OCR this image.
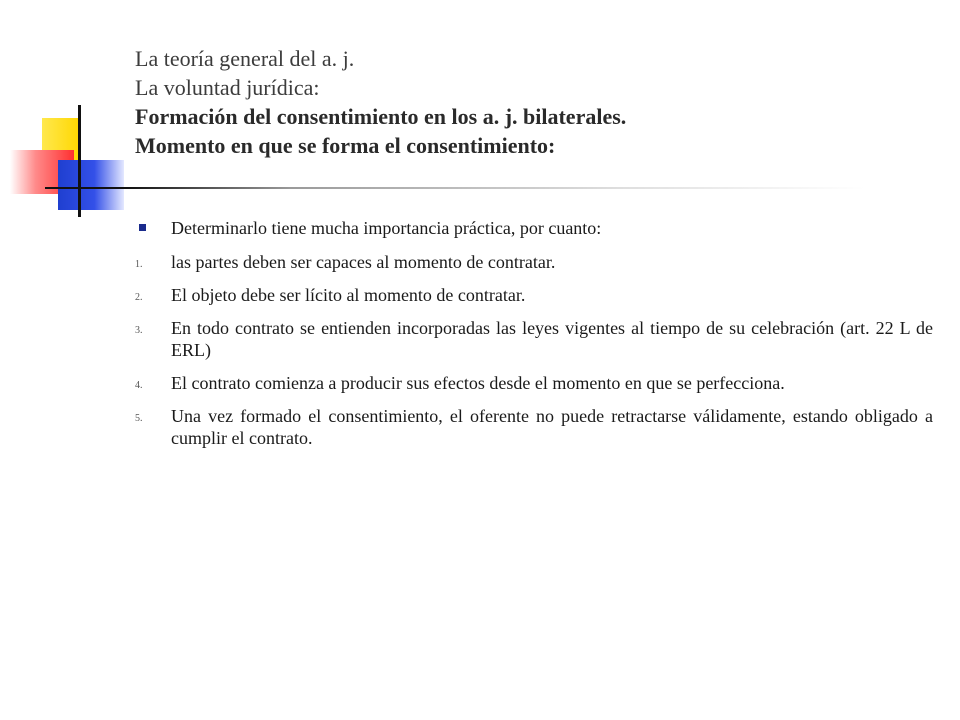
La teoría general del a. j.
La voluntad jurídica:
Formación del consentimiento en los a. j. bilaterales.
Momento en que se forma el consentimiento:
Determinarlo tiene mucha importancia práctica, por cuanto:
1. las partes deben ser capaces al momento de contratar.
2. El objeto debe ser lícito al momento de contratar.
3. En todo contrato se entienden incorporadas las leyes vigentes al tiempo de su celebración (art. 22 L de ERL)
4. El contrato comienza a producir sus efectos desde el momento en que se perfecciona.
5. Una vez formado el consentimiento, el oferente no puede retractarse válidamente, estando obligado a cumplir el contrato.
